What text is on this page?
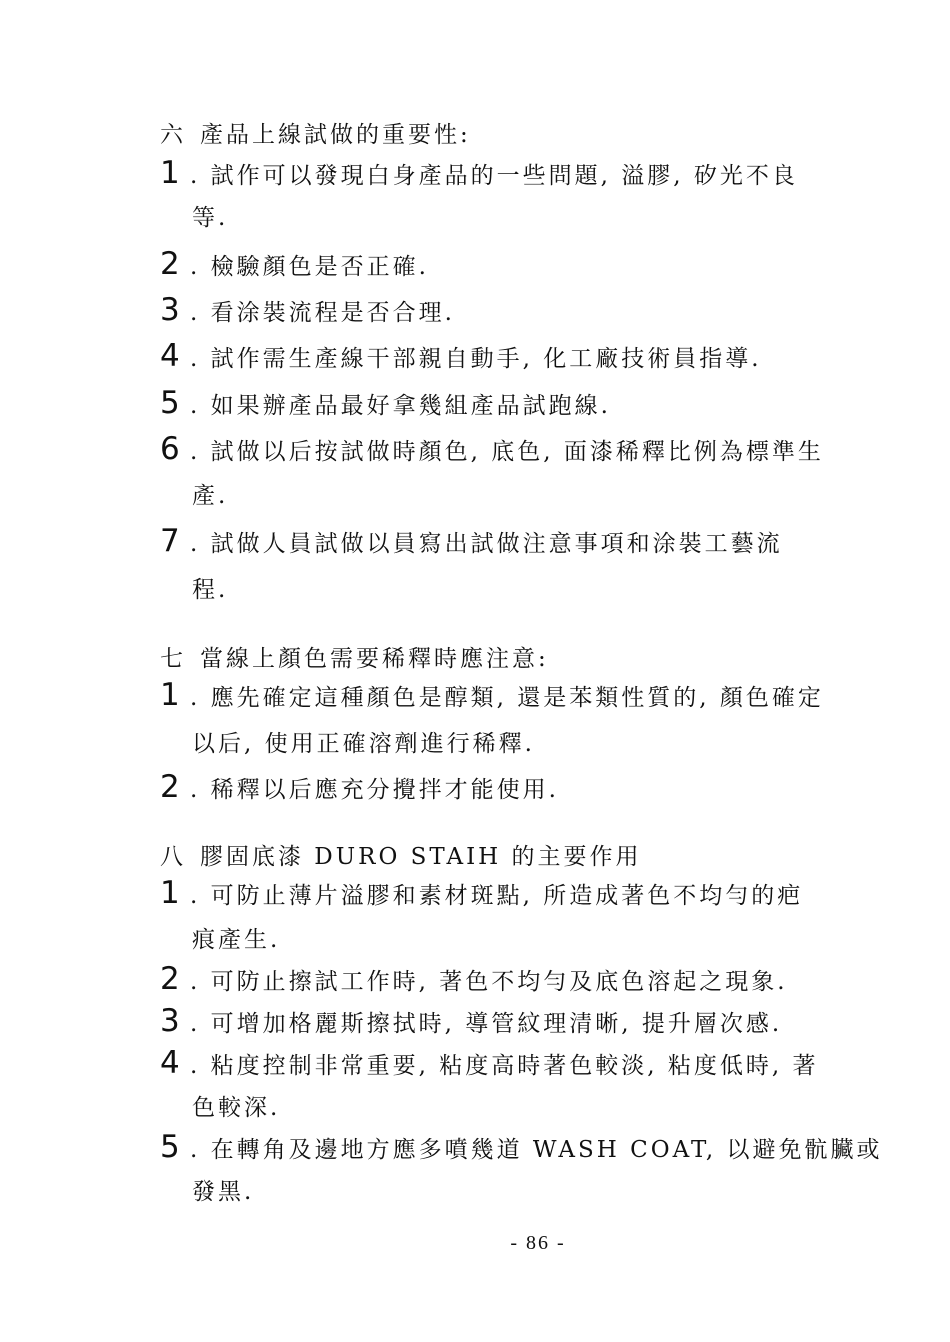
六 產品上線試做的重要性:
1 . 試作可以發現白身產品的一些問題, 溢膠, 矽光不良
等.
2 . 檢驗顏色是否正確.
3 . 看涂裝流程是否合理.
4 . 試作需生產線干部親自動手, 化工廠技術員指導.
5 . 如果辦產品最好拿幾組產品試跑線.
6 . 試做以后按試做時顏色, 底色, 面漆稀釋比例為標準生
產.
7 . 試做人員試做以員寫出試做注意事項和涂裝工藝流
程.
七 當線上顏色需要稀釋時應注意:
1 . 應先確定這種顏色是醇類, 還是苯類性質的, 顏色確定
以后, 使用正確溶劑進行稀釋.
2 . 稀釋以后應充分攪拌才能使用.
八 膠固底漆 DURO STAIH 的主要作用
1 . 可防止薄片溢膠和素材斑點, 所造成著色不均勻的疤
痕產生.
2 . 可防止擦試工作時, 著色不均勻及底色溶起之現象.
3 . 可增加格麗斯擦拭時, 導管紋理清晰, 提升層次感.
4 . 粘度控制非常重要, 粘度高時著色較淡, 粘度低時, 著
色較深.
5 . 在轉角及邊地方應多噴幾道 WASH COAT, 以避免骯臟或
發黑.
- 86 -
